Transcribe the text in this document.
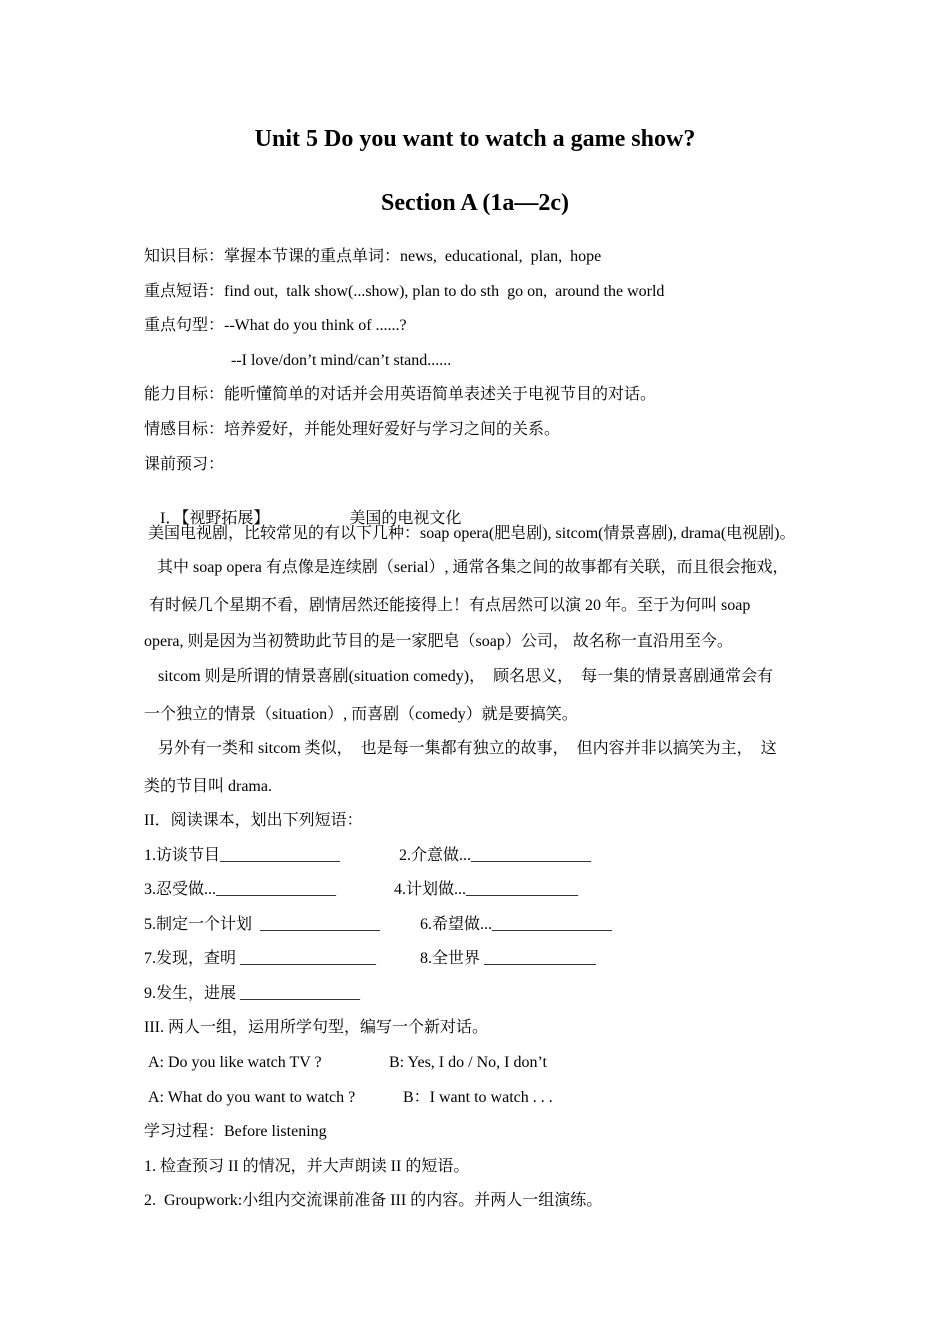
Unit 5 Do you want to watch a game show?
Section A (1a—2c)
知识目标：掌握本节课的重点单词：news,  educational,  plan,  hope
重点短语：find out,  talk show(...show), plan to do sth  go on,  around the world
重点句型：--What do you think of ......?
--I love/don’t mind/can’t stand......
能力目标：能听懂简单的对话并会用英语简单表述关于电视节目的对话。
情感目标：培养爱好，并能处理好爱好与学习之间的关系。
课前预习：

I．【视野拓展】	美国的电视文化

美国电视剧，比较常见的有以下几种：soap opera(肥皂剧), sitcom(情景喜剧), drama(电视剧)。
其中 soap opera 有点像是连续剧（serial）, 通常各集之间的故事都有关联，而且很会拖戏，
有时候几个星期不看，剧情居然还能接得上！有点居然可以演 20 年。至于为何叫 soap
opera, 则是因为当初赞助此节目的是一家肥皂（soap）公司， 故名称一直沿用至今。
sitcom 则是所谓的情景喜剧(situation comedy)，  顾名思义，  每一集的情景喜剧通常会有
一个独立的情景（situation）, 而喜剧（comedy）就是要搞笑。
另外有一类和 sitcom 类似，  也是每一集都有独立的故事，  但内容并非以搞笑为主，  这
类的节目叫 drama.
II．阅读课本，划出下列短语：
1.访谈节目_______________	2.介意做..._______________
3.忍受做..._______________	4.计划做...______________
5.制定一个计划  _______________ 6.希望做..._______________
7.发现，查明 _________________	8.全世界 ______________
9.发生，进展 _______________
III. 两人一组，运用所学句型，编写一个新对话。
A: Do you like watch TV ?	B: Yes, I do / No, I don’t
A: What do you want to watch ?	B：I want to watch . . .
学习过程：Before listening
1. 检查预习 II 的情况，并大声朗读 II 的短语。
2.  Groupwork:小组内交流课前准备 III 的内容。并两人一组演练。
